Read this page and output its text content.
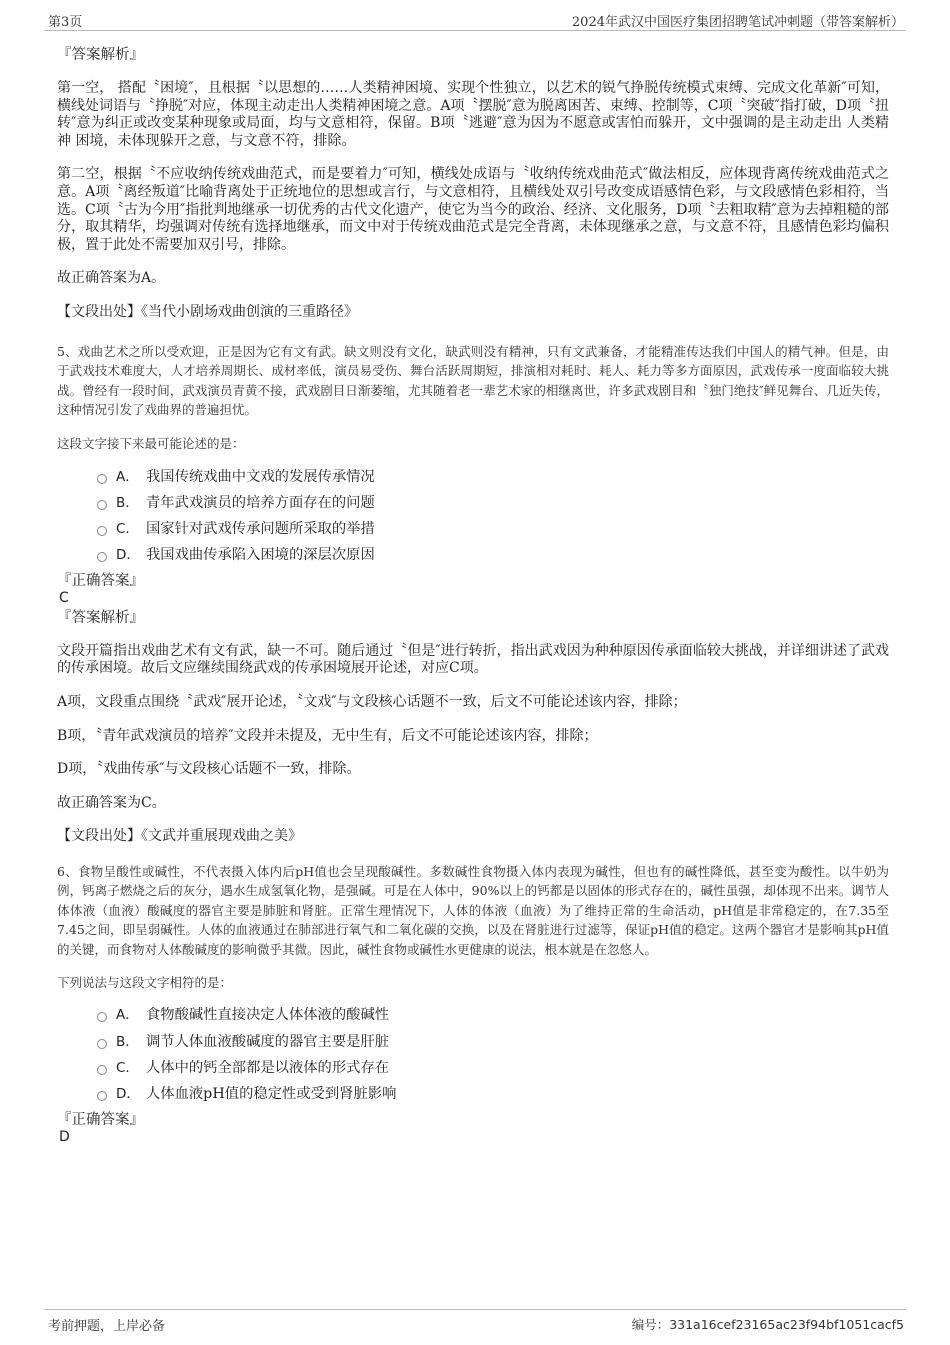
第3页	2024年武汉中国医疗集团招聘笔试冲刺题（带答案解析）
『答案解析』

第一空， 搭配〝困境″，且根据〝以思想的……人类精神困境、实现个性独立，以艺术的锐气挣脱传统模式束缚、完成文化革新″可知，横线处词语与〝挣脱″对应，体现主动走出人类精神困境之意。A项〝摆脱″意为脱离困苦、束缚、控制等，C项〝突破″指打破，D项〝扭转″意为纠正或改变某种现象或局面，均与文意相符，保留。B项〝逃避″意为因为不愿意或害怕而躲开，文中强调的是主动走出 人类精神 困境，未体现躲开之意，与文意不符，排除。

第二空，根据〝不应收纳传统戏曲范式，而是要着力″可知，横线处成语与〝收纳传统戏曲范式″做法相反，应体现背离传统戏曲范式之意。A项〝离经叛道″比喻背离处于正统地位的思想或言行，与文意相符，且横线处双引号改变成语感情色彩，与文段感情色彩相符，当选。C项〝古为今用″指批判地继承一切优秀的古代文化遗产，使它为当今的政治、经济、文化服务，D项〝去粗取精″意为去掉粗糙的部分，取其精华，均强调对传统有选择地继承，而文中对于传统戏曲范式是完全背离，未体现继承之意，与文意不符，且感情色彩均偏积极，置于此处不需要加双引号，排除。

故正确答案为A。

【文段出处】《当代小剧场戏曲创演的三重路径》

5、戏曲艺术之所以受欢迎，正是因为它有文有武。缺文则没有文化，缺武则没有精神，只有文武兼备，才能精准传达我们中国人的精气神。但是，由于武戏技术难度大，人才培养周期长、成材率低，演员易受伤、舞台活跃周期短，排演相对耗时、耗人、耗力等多方面原因，武戏传承一度面临较大挑战。曾经有一段时间，武戏演员青黄不接，武戏剧目日渐萎缩，尤其随着老一辈艺术家的相继离世，许多武戏剧目和〝独门绝技″鲜见舞台、几近失传，这种情况引发了戏曲界的普遍担忧。

这段文字接下来最可能论述的是：

A． 我国传统戏曲中文戏的发展传承情况
B． 青年武戏演员的培养方面存在的问题
C． 国家针对武戏传承问题所采取的举措
D． 我国戏曲传承陷入困境的深层次原因
『正确答案』
C
『答案解析』

文段开篇指出戏曲艺术有文有武，缺一不可。随后通过〝但是″进行转折，指出武戏因为种种原因传承面临较大挑战，并详细讲述了武戏的传承困境。故后文应继续围绕武戏的传承困境展开论述，对应C项。

A项，文段重点围绕〝武戏″展开论述，〝文戏″与文段核心话题不一致，后文不可能论述该内容，排除；

B项，〝青年武戏演员的培养″文段并未提及，无中生有，后文不可能论述该内容，排除；

D项，〝戏曲传承″与文段核心话题不一致，排除。

故正确答案为C。

【文段出处】《文武并重展现戏曲之美》

6、食物呈酸性或碱性，不代表摄入体内后pH值也会呈现酸碱性。多数碱性食物摄入体内表现为碱性，但也有的碱性降低，甚至变为酸性。以牛奶为例，钙离子燃烧之后的灰分，遇水生成氢氧化物，是强碱。可是在人体中，90%以上的钙都是以固体的形式存在的，碱性虽强，却体现不出来。调节人体体液（血液）酸碱度的器官主要是肺脏和肾脏。正常生理情况下，人体的体液（血液）为了维持正常的生命活动，pH值是非常稳定的，在7.35至7.45之间，即呈弱碱性。人体的血液通过在肺部进行氧气和二氧化碳的交换，以及在肾脏进行过滤等，保证pH值的稳定。这两个器官才是影响其pH值的关键，而食物对人体酸碱度的影响微乎其微。因此，碱性食物或碱性水更健康的说法，根本就是在忽悠人。

下列说法与这段文字相符的是：

A． 食物酸碱性直接决定人体体液的酸碱性
B． 调节人体血液酸碱度的器官主要是肝脏
C． 人体中的钙全部都是以液体的形式存在
D． 人体血液pH值的稳定性或受到肾脏影响
『正确答案』
D
考前押题，上岸必备	编号：331a16cef23165ac23f94bf1051cacf5
